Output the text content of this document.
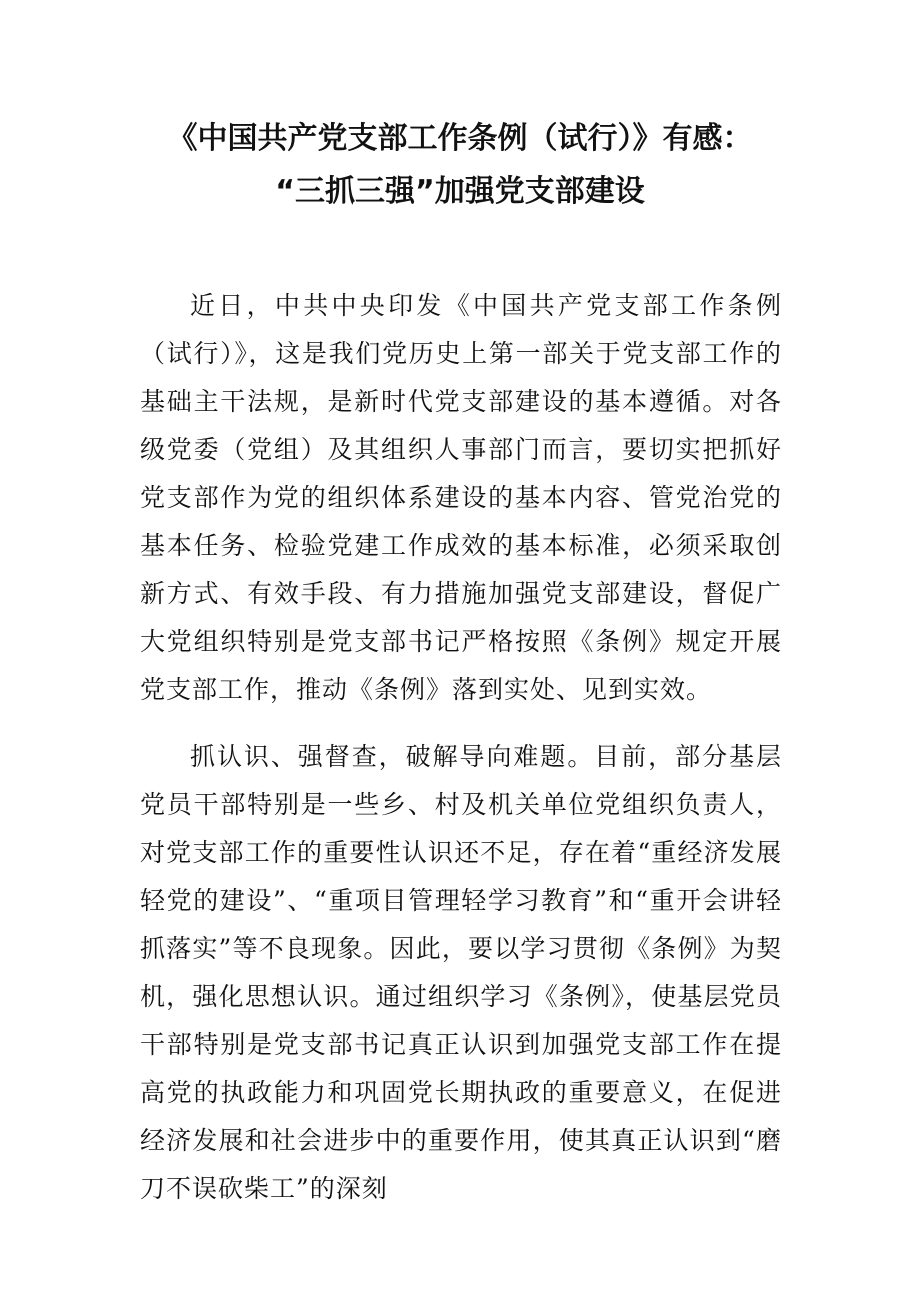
《中国共产党支部工作条例（试行）》有感：
“三抓三强”加强党支部建设

近日，中共中央印发《中国共产党支部工作条例（试行）》，这是我们党历史上第一部关于党支部工作的基础主干法规，是新时代党支部建设的基本遵循。对各级党委（党组）及其组织人事部门而言，要切实把抓好党支部作为党的组织体系建设的基本内容、管党治党的基本任务、检验党建工作成效的基本标准，必须采取创新方式、有效手段、有力措施加强党支部建设，督促广大党组织特别是党支部书记严格按照《条例》规定开展党支部工作，推动《条例》落到实处、见到实效。

抓认识、强督查，破解导向难题。目前，部分基层党员干部特别是一些乡、村及机关单位党组织负责人，对党支部工作的重要性认识还不足，存在着“重经济发展轻党的建设”、“重项目管理轻学习教育”和“重开会讲轻抓落实”等不良现象。因此，要以学习贯彻《条例》为契机，强化思想认识。通过组织学习《条例》，使基层党员干部特别是党支部书记真正认识到加强党支部工作在提高党的执政能力和巩固党长期执政的重要意义，在促进经济发展和社会进步中的重要作用，使其真正认识到“磨刀不误砍柴工”的深刻
